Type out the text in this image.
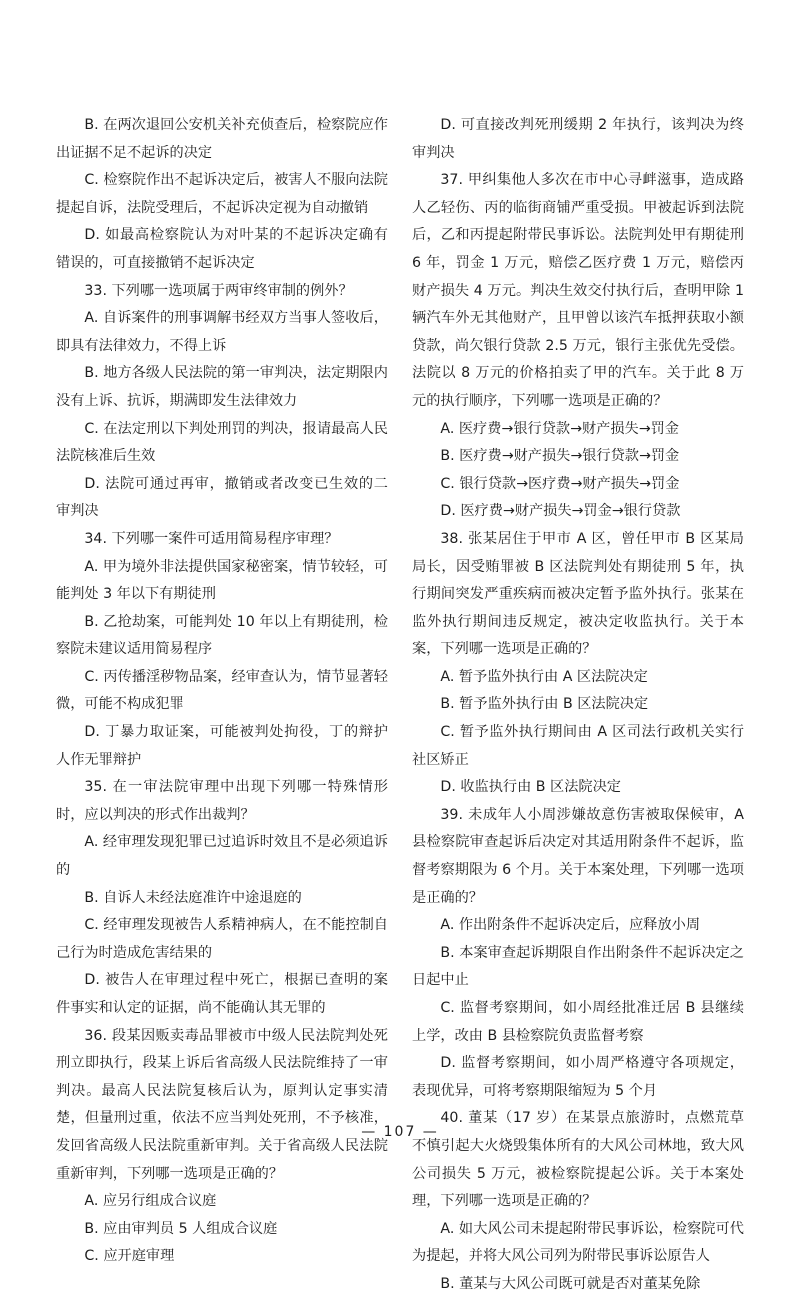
B. 在两次退回公安机关补充侦查后，检察院应作出证据不足不起诉的决定

C. 检察院作出不起诉决定后，被害人不服向法院提起自诉，法院受理后，不起诉决定视为自动撤销

D. 如最高检察院认为对叶某的不起诉决定确有错误的，可直接撤销不起诉决定

33. 下列哪一选项属于两审终审制的例外？

A. 自诉案件的刑事调解书经双方当事人签收后，即具有法律效力，不得上诉

B. 地方各级人民法院的第一审判决，法定期限内没有上诉、抗诉，期满即发生法律效力

C. 在法定刑以下判处刑罚的判决，报请最高人民法院核准后生效

D. 法院可通过再审，撤销或者改变已生效的二审判决

34. 下列哪一案件可适用简易程序审理？

A. 甲为境外非法提供国家秘密案，情节较轻，可能判处 3 年以下有期徒刑

B. 乙抢劫案，可能判处 10 年以上有期徒刑，检察院未建议适用简易程序

C. 丙传播淫秽物品案，经审查认为，情节显著轻微，可能不构成犯罪

D. 丁暴力取证案，可能被判处拘役，丁的辩护人作无罪辩护

35. 在一审法院审理中出现下列哪一特殊情形时，应以判决的形式作出裁判？

A. 经审理发现犯罪已过追诉时效且不是必须追诉的

B. 自诉人未经法庭准许中途退庭的

C. 经审理发现被告人系精神病人，在不能控制自己行为时造成危害结果的

D. 被告人在审理过程中死亡，根据已查明的案件事实和认定的证据，尚不能确认其无罪的

36. 段某因贩卖毒品罪被市中级人民法院判处死刑立即执行，段某上诉后省高级人民法院维持了一审判决。最高人民法院复核后认为，原判认定事实清楚，但量刑过重，依法不应当判处死刑，不予核准，发回省高级人民法院重新审判。关于省高级人民法院重新审判，下列哪一选项是正确的？

A. 应另行组成合议庭

B. 应由审判员 5 人组成合议庭

C. 应开庭审理

D. 可直接改判死刑缓期 2 年执行，该判决为终审判决

37. 甲纠集他人多次在市中心寻衅滋事，造成路人乙轻伤、丙的临街商铺严重受损。甲被起诉到法院后，乙和丙提起附带民事诉讼。法院判处甲有期徒刑 6 年，罚金 1 万元，赔偿乙医疗费 1 万元，赔偿丙财产损失 4 万元。判决生效交付执行后，查明甲除 1 辆汽车外无其他财产，且甲曾以该汽车抵押获取小额贷款，尚欠银行贷款 2.5 万元，银行主张优先受偿。法院以 8 万元的价格拍卖了甲的汽车。关于此 8 万元的执行顺序，下列哪一选项是正确的？

A. 医疗费→银行贷款→财产损失→罚金

B. 医疗费→财产损失→银行贷款→罚金

C. 银行贷款→医疗费→财产损失→罚金

D. 医疗费→财产损失→罚金→银行贷款

38. 张某居住于甲市 A 区，曾任甲市 B 区某局局长，因受贿罪被 B 区法院判处有期徒刑 5 年，执行期间突发严重疾病而被决定暂予监外执行。张某在监外执行期间违反规定，被决定收监执行。关于本案，下列哪一选项是正确的？

A. 暂予监外执行由 A 区法院决定

B. 暂予监外执行由 B 区法院决定

C. 暂予监外执行期间由 A 区司法行政机关实行社区矫正

D. 收监执行由 B 区法院决定

39. 未成年人小周涉嫌故意伤害被取保候审，A 县检察院审查起诉后决定对其适用附条件不起诉，监督考察期限为 6 个月。关于本案处理，下列哪一选项是正确的？

A. 作出附条件不起诉决定后，应释放小周

B. 本案审查起诉期限自作出附条件不起诉决定之日起中止

C. 监督考察期间，如小周经批准迁居 B 县继续上学，改由 B 县检察院负责监督考察

D. 监督考察期间，如小周严格遵守各项规定，表现优异，可将考察期限缩短为 5 个月

40. 董某（17 岁）在某景点旅游时，点燃荒草不慎引起大火烧毁集体所有的大风公司林地，致大风公司损失 5 万元，被检察院提起公诉。关于本案处理，下列哪一选项是正确的？

A. 如大风公司未提起附带民事诉讼，检察院可代为提起，并将大风公司列为附带民事诉讼原告人

B. 董某与大风公司既可就是否对董某免除

— 107 —
